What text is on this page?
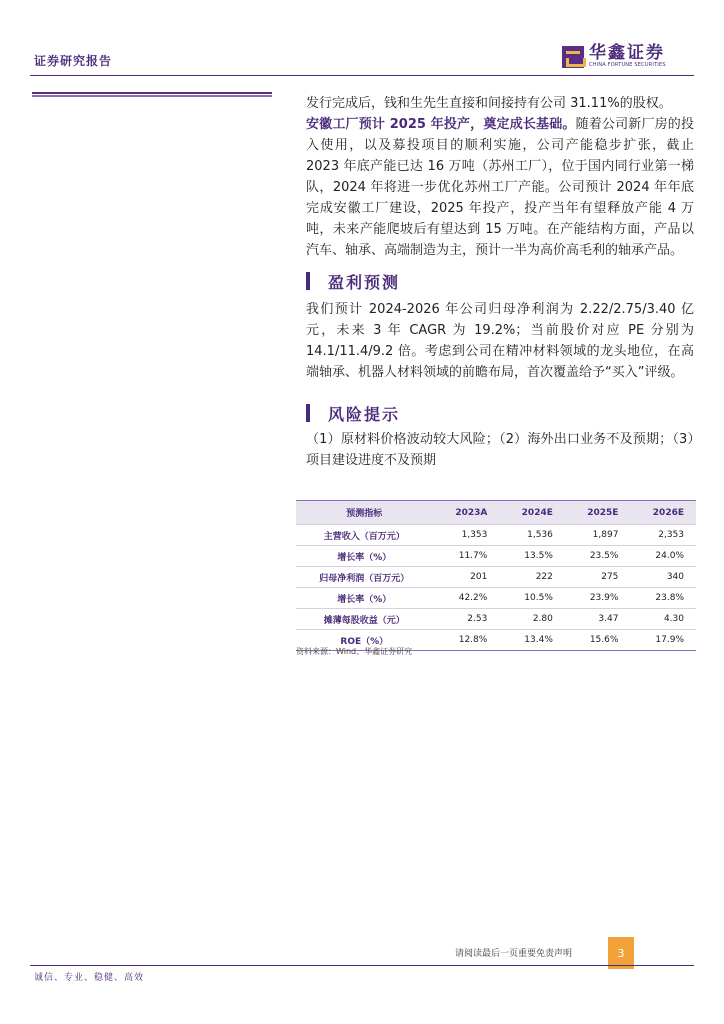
证券研究报告	华鑫证券
CHINA FORTUNE SECURITIES

发行完成后，钱和生先生直接和间接持有公司 31.11%的股权。

安徽工厂预计 2025 年投产，奠定成长基础。随着公司新厂房的投入使用，以及募投项目的顺利实施，公司产能稳步扩张，截止 2023 年底产能已达 16 万吨（苏州工厂），位于国内同行业第一梯队，2024 年将进一步优化苏州工厂产能。公司预计 2024 年年底完成安徽工厂建设，2025 年投产，投产当年有望释放产能 4 万吨，未来产能爬坡后有望达到 15 万吨。在产能结构方面，产品以汽车、轴承、高端制造为主，预计一半为高价高毛利的轴承产品。

盈利预测

我们预计 2024-2026 年公司归母净利润为 2.22/2.75/3.40 亿元，未来 3 年 CAGR 为 19.2%；当前股价对应 PE 分别为 14.1/11.4/9.2 倍。考虑到公司在精冲材料领域的龙头地位，在高端轴承、机器人材料领域的前瞻布局，首次覆盖给予“买入”评级。

风险提示

（1）原材料价格波动较大风险；（2）海外出口业务不及预期；（3）项目建设进度不及预期

预测指标	2023A	2024E	2025E	2026E
主营收入（百万元）	1,353	1,536	1,897	2,353
增长率（%）	11.7%	13.5%	23.5%	24.0%
归母净利润（百万元）	201	222	275	340
增长率（%）	42.2%	10.5%	23.9%	23.8%
摊薄每股收益（元）	2.53	2.80	3.47	4.30
ROE（%）	12.8%	13.4%	15.6%	17.9%
资料来源：Wind、华鑫证券研究
请阅读最后一页重要免责声明	3
诚信、专业、稳健、高效
